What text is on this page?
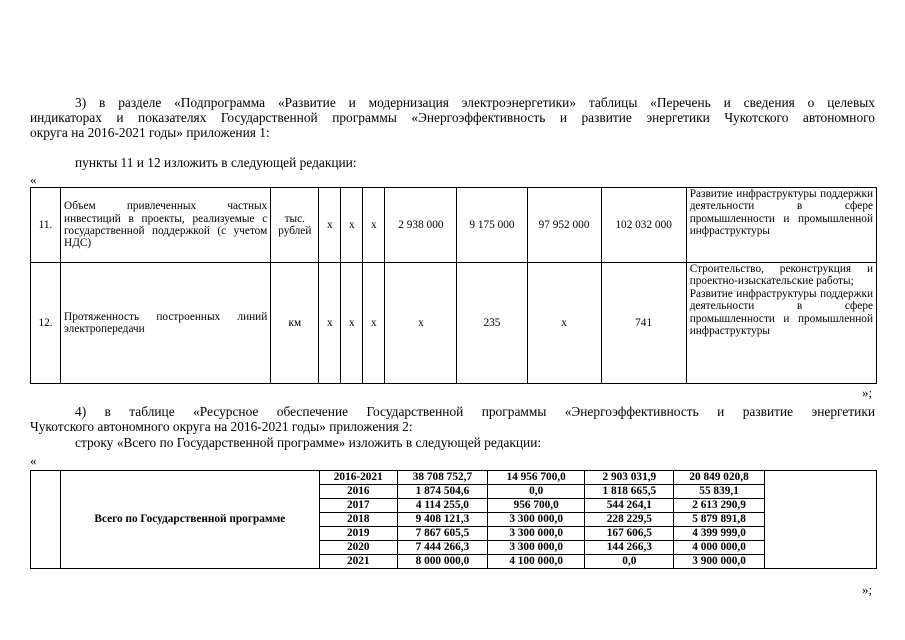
3) в разделе «Подпрограмма «Развитие и модернизация электроэнергетики» таблицы «Перечень и сведения о целевых
индикаторах и показателях Государственной программы «Энергоэффективность и развитие энергетики Чукотского автономного
округа на 2016-2021 годы» приложения 1:
пункты 11 и 12 изложить в следующей редакции:
«
11.	Объем привлеченных частных инвестиций в проекты, реализуемые с государственной поддержкой (с учетом НДС)	тыс. рублей	х	х	х	2 938 000	9 175 000	97 952 000	102 032 000	Развитие инфраструктуры поддержки деятельности в сфере промышленности и промышленной инфраструктуры
12.	Протяженность построенных линий электропередачи	км	х	х	х	х	235	х	741	Строительство, реконструкция и проектно-изыскательские работы;
Развитие инфраструктуры поддержки деятельности в сфере промышленности и промышленной инфраструктуры
»;
4) в таблице «Ресурсное обеспечение Государственной программы «Энергоэффективность и развитие энергетики
Чукотского автономного округа на 2016-2021 годы» приложения 2:
строку «Всего по Государственной программе» изложить в следующей редакции:
«
	Всего по Государственной программе	2016-2021	38 708 752,7	14 956 700,0	2 903 031,9	20 849 020,8	
		2016	1 874 504,6	0,0	1 818 665,5	55 839,1	
		2017	4 114 255,0	956 700,0	544 264,1	2 613 290,9	
		2018	9 408 121,3	3 300 000,0	228 229,5	5 879 891,8	
		2019	7 867 605,5	3 300 000,0	167 606,5	4 399 999,0	
		2020	7 444 266,3	3 300 000,0	144 266,3	4 000 000,0	
		2021	8 000 000,0	4 100 000,0	0,0	3 900 000,0	
»;
